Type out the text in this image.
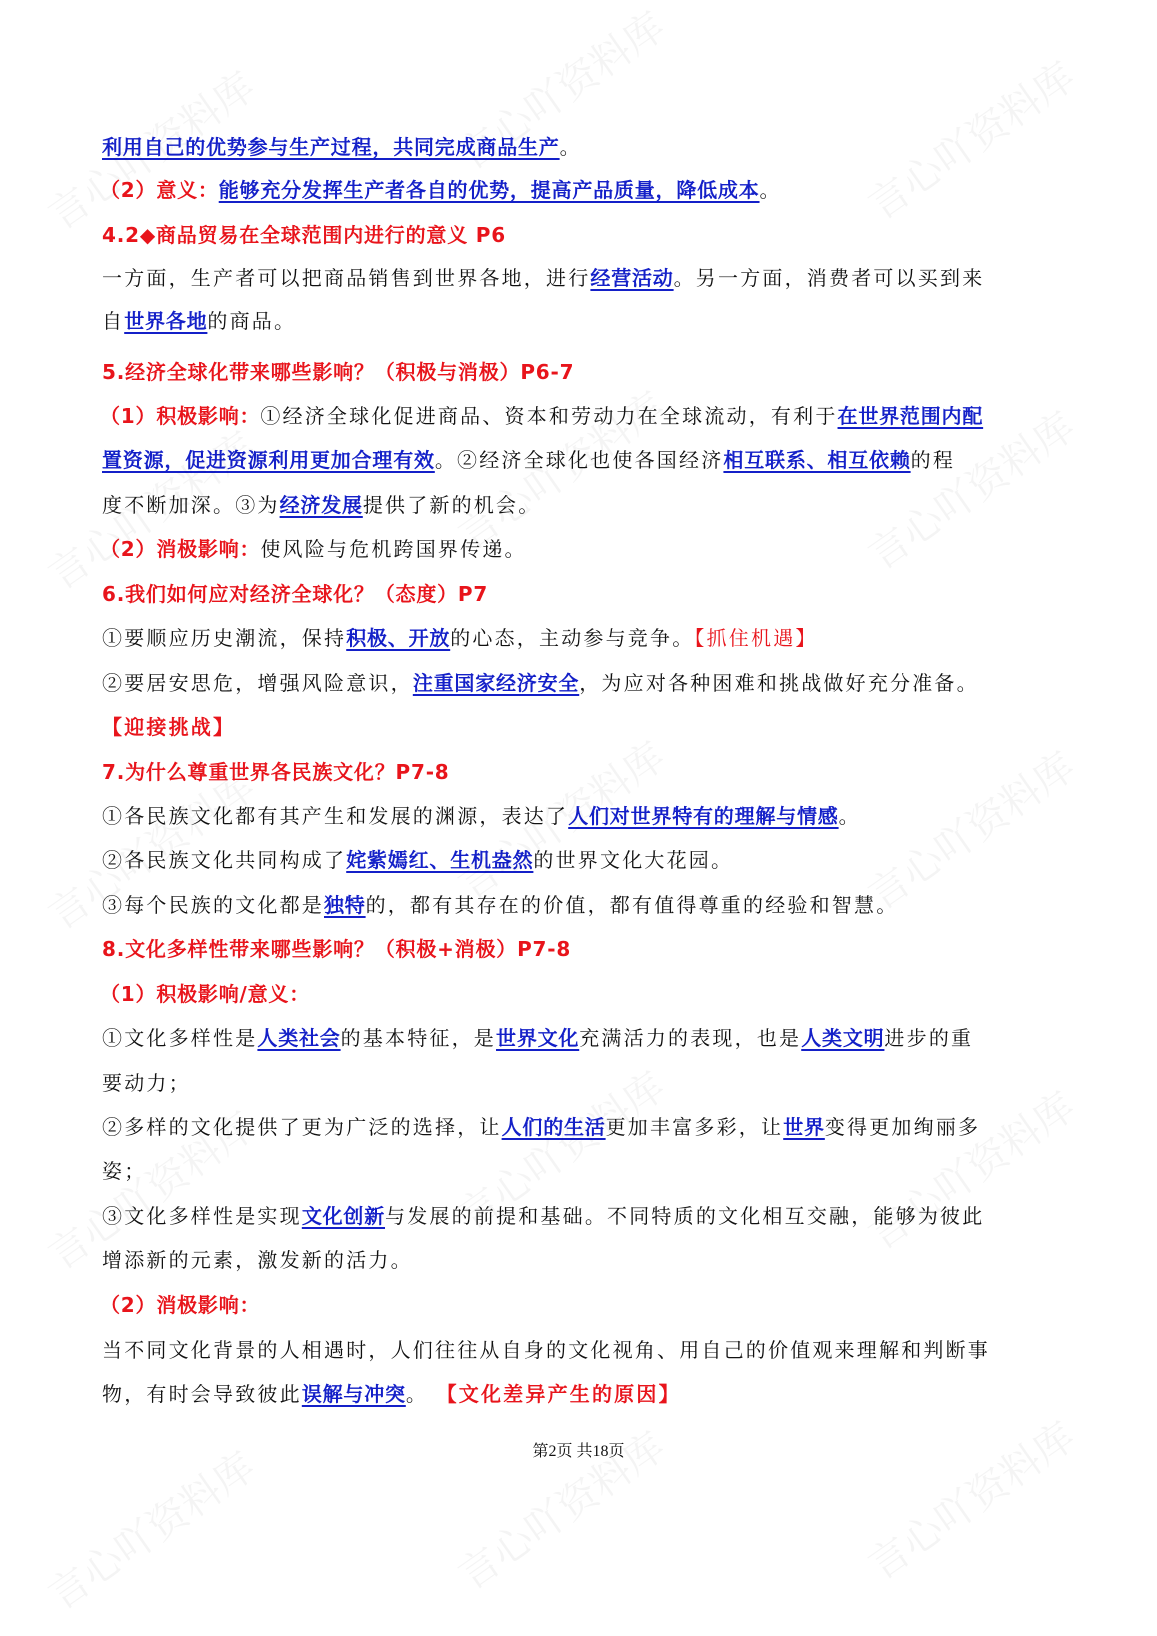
利用自己的优势参与生产过程，共同完成商品生产。
（2）意义：能够充分发挥生产者各自的优势，提高产品质量，降低成本。
4.2◆商品贸易在全球范围内进行的意义 P6
一方面，生产者可以把商品销售到世界各地，进行经营活动。另一方面，消费者可以买到来
自世界各地的商品。
5.经济全球化带来哪些影响？（积极与消极）P6-7
（1）积极影响：①经济全球化促进商品、资本和劳动力在全球流动，有利于在世界范围内配
置资源，促进资源利用更加合理有效。②经济全球化也使各国经济相互联系、相互依赖的程
度不断加深。③为经济发展提供了新的机会。
（2）消极影响：使风险与危机跨国界传递。
6.我们如何应对经济全球化？（态度）P7
①要顺应历史潮流，保持积极、开放的心态，主动参与竞争。【抓住机遇】
②要居安思危，增强风险意识，注重国家经济安全，为应对各种困难和挑战做好充分准备。
【迎接挑战】
7.为什么尊重世界各民族文化？P7-8
①各民族文化都有其产生和发展的渊源，表达了人们对世界特有的理解与情感。
②各民族文化共同构成了姹紫嫣红、生机盎然的世界文化大花园。
③每个民族的文化都是独特的，都有其存在的价值，都有值得尊重的经验和智慧。
8.文化多样性带来哪些影响？（积极+消极）P7-8
（1）积极影响/意义：
①文化多样性是人类社会的基本特征，是世界文化充满活力的表现，也是人类文明进步的重
要动力；
②多样的文化提供了更为广泛的选择，让人们的生活更加丰富多彩，让世界变得更加绚丽多
姿；
③文化多样性是实现文化创新与发展的前提和基础。不同特质的文化相互交融，能够为彼此
增添新的元素，激发新的活力。
（2）消极影响：
当不同文化背景的人相遇时，人们往往从自身的文化视角、用自己的价值观来理解和判断事
物，有时会导致彼此误解与冲突。 【文化差异产生的原因】
第2页 共18页
